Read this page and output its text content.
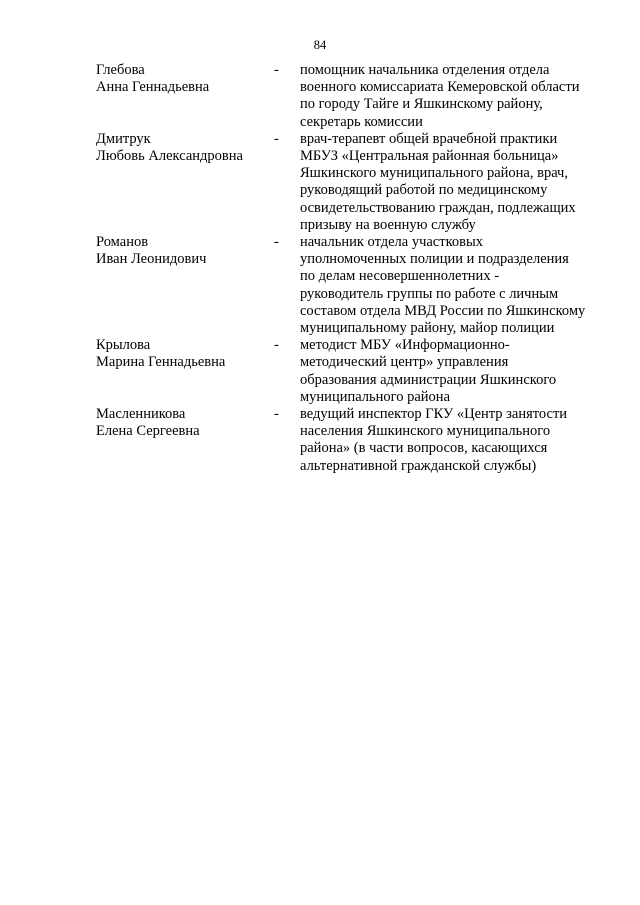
84
Глебова
Анна Геннадьевна
-	помощник начальника отделения отдела
военного комиссариата Кемеровской области
по городу Тайге и Яшкинскому району,
секретарь комиссии
Дмитрук
Любовь Александровна
-	врач-терапевт общей врачебной практики
МБУЗ «Центральная районная больница»
Яшкинского муниципального района, врач,
руководящий работой по медицинскому
освидетельствованию граждан, подлежащих
призыву на военную службу
Романов
Иван Леонидович
-	начальник отдела участковых
уполномоченных полиции и подразделения
по делам несовершеннолетних -
руководитель группы по работе с личным
составом отдела МВД России по Яшкинскому
муниципальному району, майор полиции
Крылова
Марина Геннадьевна
-	методист МБУ «Информационно-
методический центр» управления
образования администрации Яшкинского
муниципального района
Масленникова
Елена Сергеевна
-	ведущий инспектор ГКУ «Центр занятости
населения Яшкинского муниципального
района» (в части вопросов, касающихся
альтернативной гражданской службы)
